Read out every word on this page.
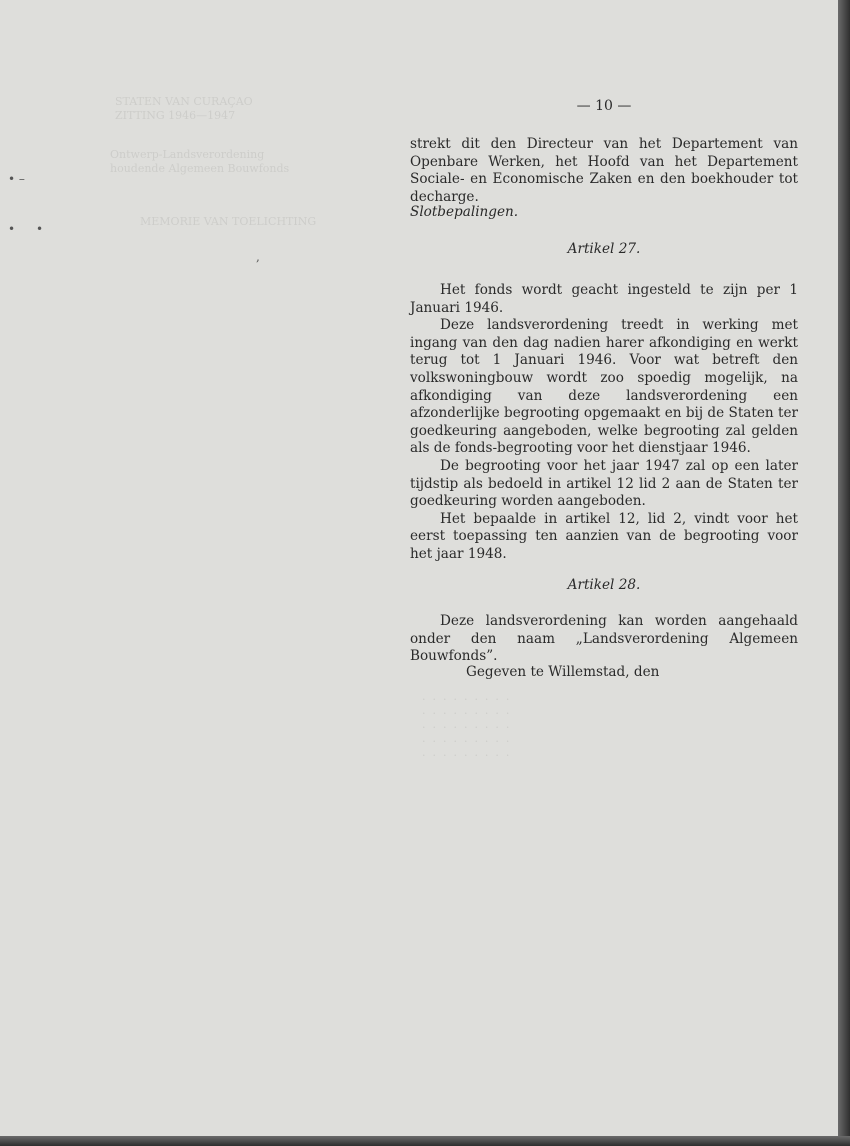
STATEN VAN CURAÇAO
ZITTING 1946—1947
Ontwerp-Landsverordening
houdende Algemeen Bouwfonds
MEMORIE VAN TOELICHTING
.  .  .  .  .  .  .  .  .
.  .  .  .  .  .  .  .  .
.  .  .  .  .  .  .  .  .
.  .  .  .  .  .  .  .  .
.  .  .  .  .  .  .  .  .
• –
• •
,
— 10 —

strekt dit den Directeur van het Departement van Openbare Werken, het Hoofd van het Departement Sociale- en Economische Zaken en den boekhouder tot decharge.

Slotbepalingen.

Artikel 27.

Het fonds wordt geacht ingesteld te zijn per 1 Januari 1946.

Deze landsverordening treedt in werking met ingang van den dag nadien harer afkondiging en werkt terug tot 1 Januari 1946. Voor wat betreft den volkswoningbouw wordt zoo spoedig mogelijk, na afkondiging van deze landsverordening een afzonderlijke begrooting opgemaakt en bij de Staten ter goedkeuring aangeboden, welke begrooting zal gelden als de fonds-begrooting voor het dienstjaar 1946.

De begrooting voor het jaar 1947 zal op een later tijdstip als bedoeld in artikel 12 lid 2 aan de Staten ter goedkeuring worden aangeboden.

Het bepaalde in artikel 12, lid 2, vindt voor het eerst toepassing ten aanzien van de begrooting voor het jaar 1948.

Artikel 28.

Deze landsverordening kan worden aangehaald onder den naam „Landsverordening Algemeen Bouwfonds”.

Gegeven te Willemstad, den
